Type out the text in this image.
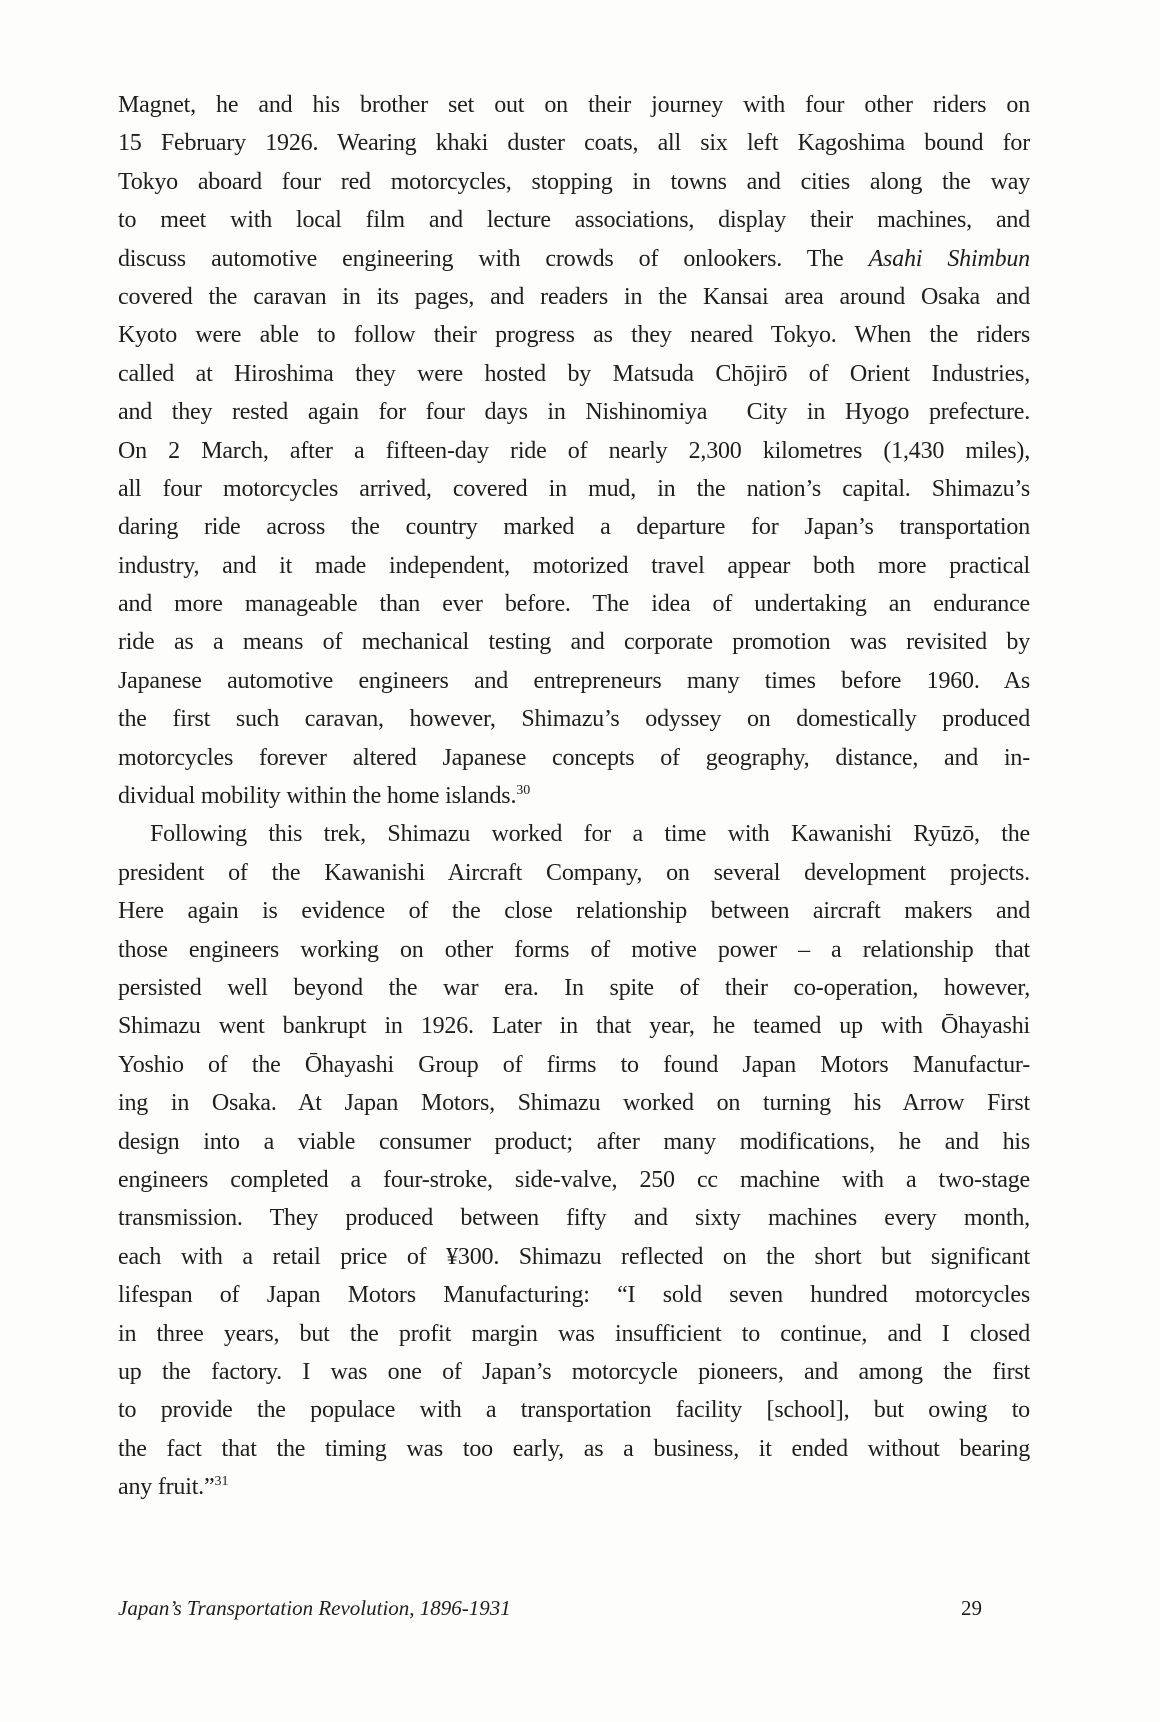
Magnet, he and his brother set out on their journey with four other riders on
15 February 1926. Wearing khaki duster coats, all six left Kagoshima bound for
Tokyo aboard four red motorcycles, stopping in towns and cities along the way
to meet with local film and lecture associations, display their machines, and
discuss automotive engineering with crowds of onlookers. The Asahi Shimbun
covered the caravan in its pages, and readers in the Kansai area around Osaka and
Kyoto were able to follow their progress as they neared Tokyo. When the riders
called at Hiroshima they were hosted by Matsuda Chōjirō of Orient Industries,
and they rested again for four days in Nishinomiya  City in Hyogo prefecture.
On 2 March, after a fifteen-day ride of nearly 2,300 kilometres (1,430 miles),
all four motorcycles arrived, covered in mud, in the nation’s capital. Shimazu’s
daring ride across the country marked a departure for Japan’s transportation
industry, and it made independent, motorized travel appear both more practical
and more manageable than ever before. The idea of undertaking an endurance
ride as a means of mechanical testing and corporate promotion was revisited by
Japanese automotive engineers and entrepreneurs many times before 1960. As
the first such caravan, however, Shimazu’s odyssey on domestically produced
motorcycles forever altered Japanese concepts of geography, distance, and in-
dividual mobility within the home islands.$^{30}$
Following this trek, Shimazu worked for a time with Kawanishi Ryūzō, the
president of the Kawanishi Aircraft Company, on several development projects.
Here again is evidence of the close relationship between aircraft makers and
those engineers working on other forms of motive power – a relationship that
persisted well beyond the war era. In spite of their co-operation, however,
Shimazu went bankrupt in 1926. Later in that year, he teamed up with Ōhayashi
Yoshio of the Ōhayashi Group of firms to found Japan Motors Manufactur-
ing in Osaka. At Japan Motors, Shimazu worked on turning his Arrow First
design into a viable consumer product; after many modifications, he and his
engineers completed a four-stroke, side-valve, 250 cc machine with a two-stage
transmission. They produced between fifty and sixty machines every month,
each with a retail price of ¥300. Shimazu reflected on the short but significant
lifespan of Japan Motors Manufacturing: “I sold seven hundred motorcycles
in three years, but the profit margin was insufficient to continue, and I closed
up the factory. I was one of Japan’s motorcycle pioneers, and among the first
to provide the populace with a transportation facility [school], but owing to
the fact that the timing was too early, as a business, it ended without bearing
any fruit.”$^{31}$
Japan’s Transportation Revolution, 1896-1931	29
